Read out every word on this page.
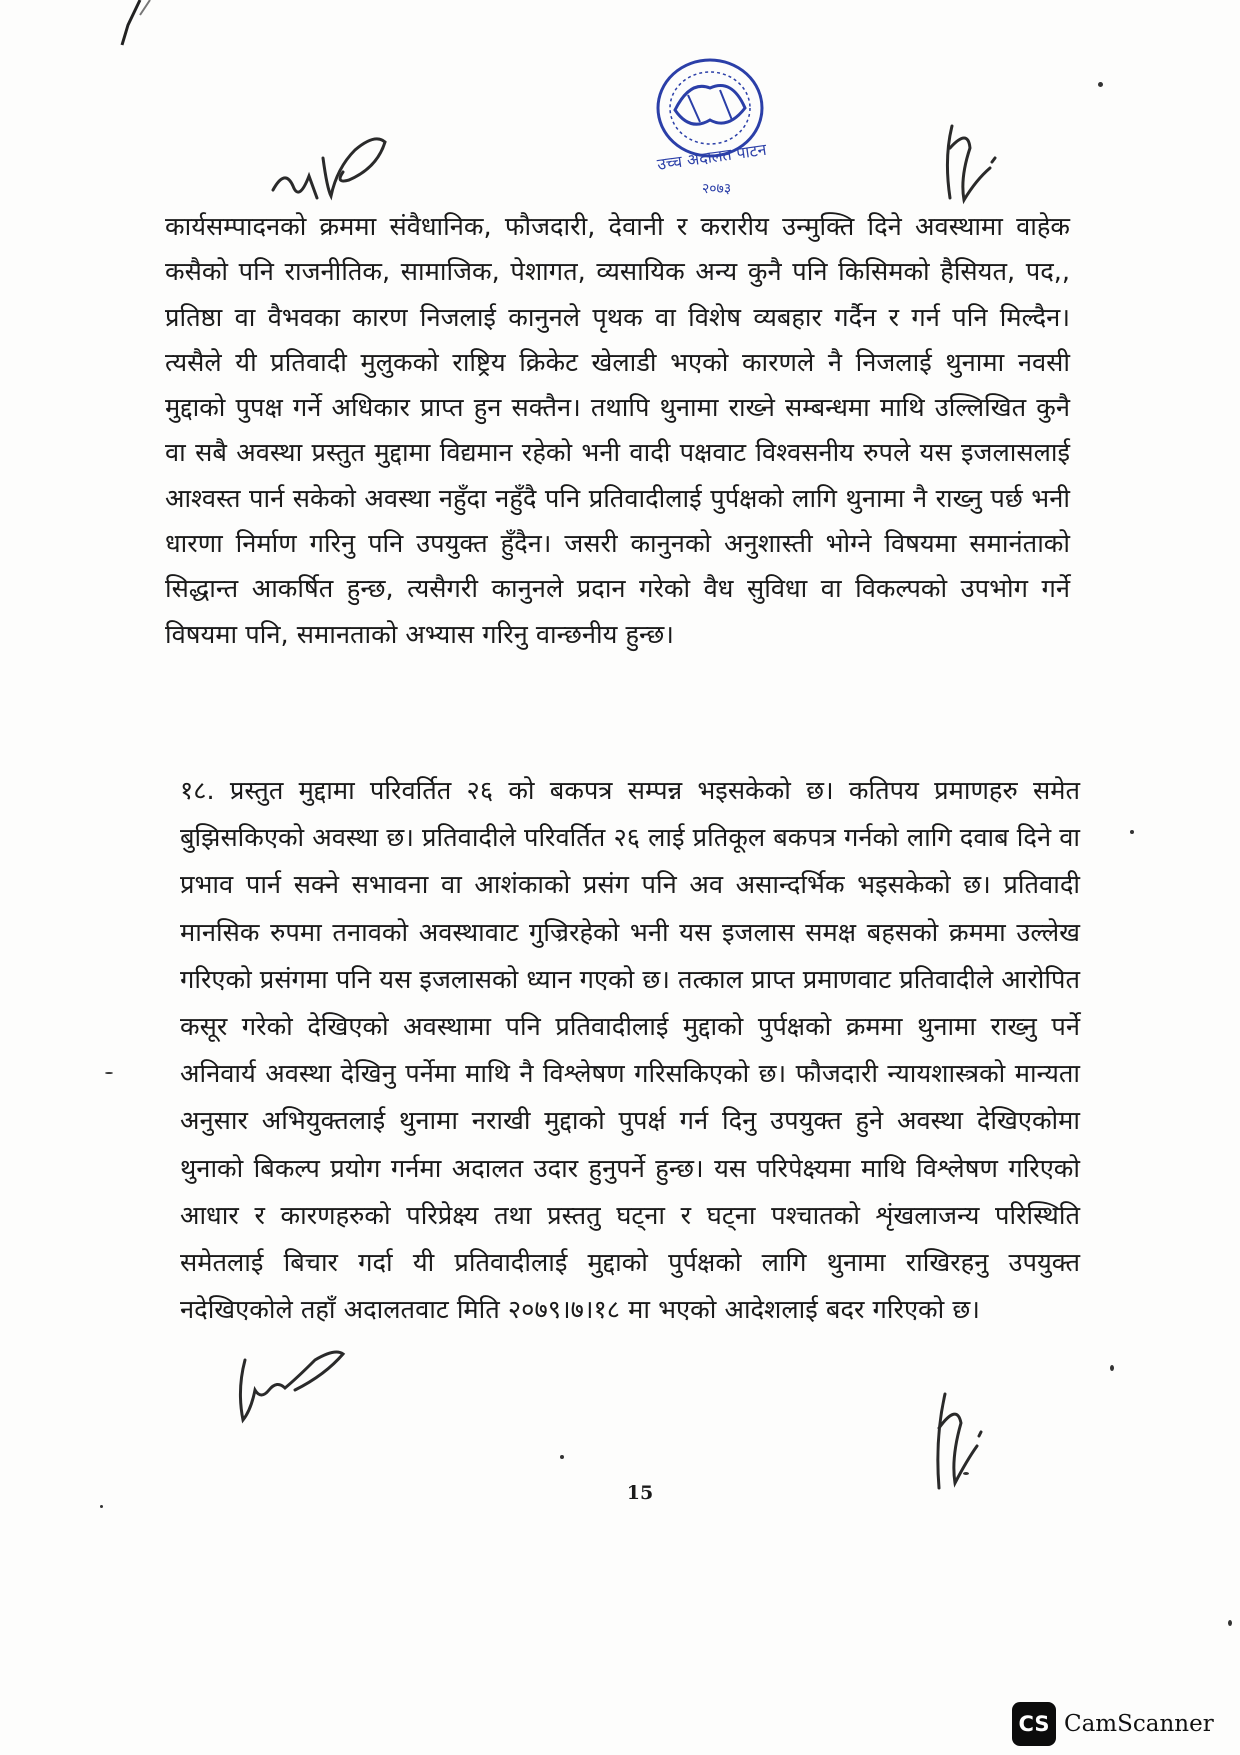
उच्च अदालत पाटन
२०७३
कार्यसम्पादनको क्रममा संवैधानिक, फौजदारी, देवानी र करारीय उन्मुक्ति दिने अवस्थामा वाहेक कसैको पनि राजनीतिक, सामाजिक, पेशागत, व्यसायिक अन्य कुनै पनि किसिमको हैसियत, पद,, प्रतिष्ठा वा वैभवका कारण निजलाई कानुनले पृथक वा विशेष व्यबहार गर्दैन र गर्न पनि मिल्दैन। त्यसैले यी प्रतिवादी मुलुकको राष्ट्रिय क्रिकेट खेलाडी भएको कारणले नै निजलाई थुनामा नवसी मुद्दाको पुपक्ष गर्ने अधिकार प्राप्त हुन सक्तैन। तथापि थुनामा राख्ने सम्बन्धमा माथि उल्लिखित कुनै वा सबै अवस्था प्रस्तुत मुद्दामा विद्यमान रहेको भनी वादी पक्षवाट विश्वसनीय रुपले यस इजलासलाई आश्वस्त पार्न सकेको अवस्था नहुँदा नहुँदै पनि प्रतिवादीलाई पुर्पक्षको लागि थुनामा नै राख्नु पर्छ भनी धारणा निर्माण गरिनु पनि उपयुक्त हुँदैन। जसरी कानुनको अनुशास्ती भोग्ने विषयमा समानंताको सिद्धान्त आकर्षित हुन्छ, त्यसैगरी कानुनले प्रदान गरेको वैध सुविधा वा विकल्पको उपभोग गर्ने विषयमा पनि, समानताको अभ्यास गरिनु वान्छनीय हुन्छ।
१८. प्रस्तुत मुद्दामा परिवर्तित २६ को बकपत्र सम्पन्न भइसकेको छ। कतिपय प्रमाणहरु समेत बुझिसकिएको अवस्था छ। प्रतिवादीले परिवर्तित २६ लाई प्रतिकूल बकपत्र गर्नको लागि दवाब दिने वा प्रभाव पार्न सक्ने सभावना वा आशंकाको प्रसंग पनि अव असान्दर्भिक भइसकेको छ। प्रतिवादी मानसिक रुपमा तनावको अवस्थावाट गुज्रिरहेको भनी यस इजलास समक्ष बहसको क्रममा उल्लेख गरिएको प्रसंगमा पनि यस इजलासको ध्यान गएको छ। तत्काल प्राप्त प्रमाणवाट प्रतिवादीले आरोपित कसूर गरेको देखिएको अवस्थामा पनि प्रतिवादीलाई मुद्दाको पुर्पक्षको क्रममा थुनामा राख्नु पर्ने अनिवार्य अवस्था देखिनु पर्नेमा माथि नै विश्लेषण गरिसकिएको छ। फौजदारी न्यायशास्त्रको मान्यता अनुसार अभियुक्तलाई थुनामा नराखी मुद्दाको पुपर्क्ष गर्न दिनु उपयुक्त हुने अवस्था देखिएकोमा थुनाको बिकल्प प्रयोग गर्नमा अदालत उदार हुनुपर्ने हुन्छ। यस परिपेक्ष्यमा माथि विश्लेषण गरिएको आधार र कारणहरुको परिप्रेक्ष्य तथा प्रस्ततु घट्ना र घट्ना पश्चातको शृंखलाजन्य परिस्थिति समेतलाई बिचार गर्दा यी प्रतिवादीलाई मुद्दाको पुर्पक्षको लागि थुनामा राखिरहनु उपयुक्त नदेखिएकोले तहाँ अदालतवाट मिति २०७९।७।१८ मा भएको आदेशलाई बदर गरिएको छ।
15
CS CamScanner
